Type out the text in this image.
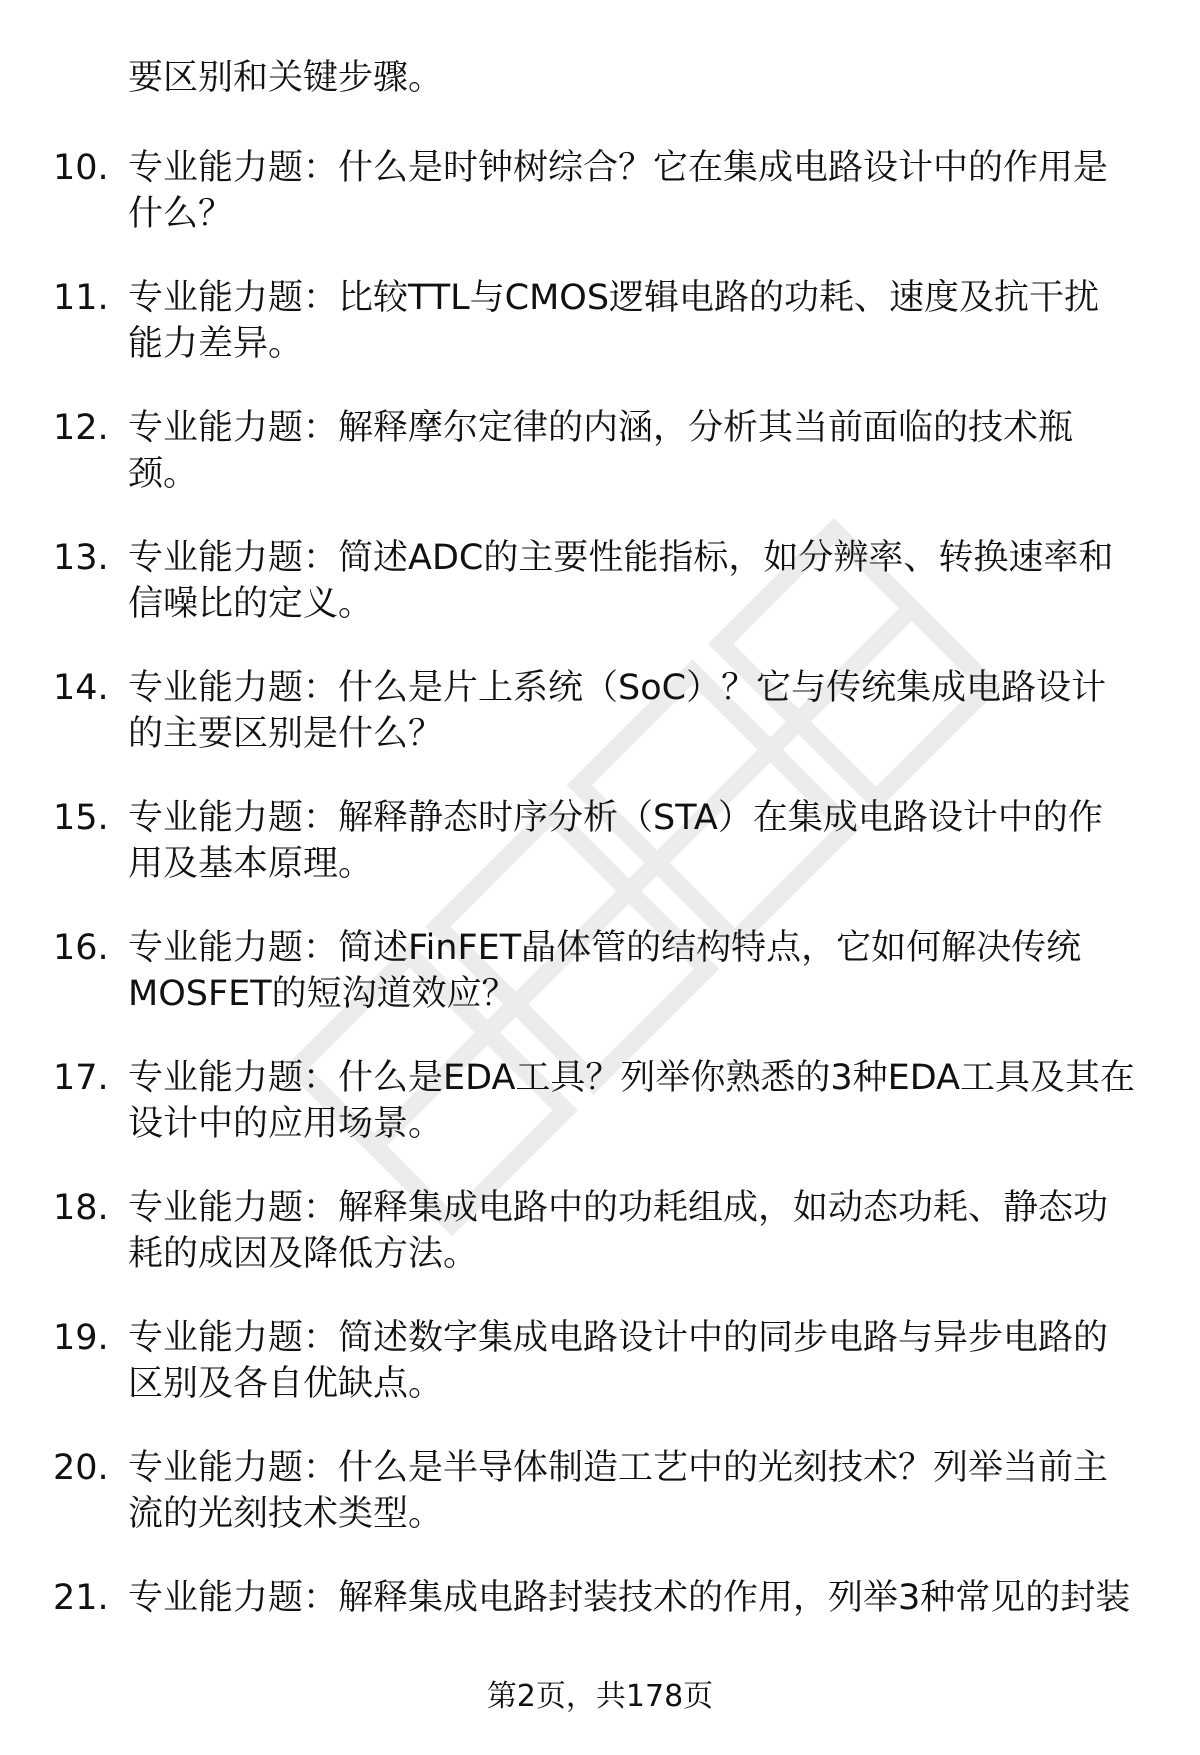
要区别和关键步骤。
10. 专业能力题：什么是时钟树综合？它在集成电路设计中的作用是
什么？
11. 专业能力题：比较TTL与CMOS逻辑电路的功耗、速度及抗干扰
能力差异。
12. 专业能力题：解释摩尔定律的内涵，分析其当前面临的技术瓶
颈。
13. 专业能力题：简述ADC的主要性能指标，如分辨率、转换速率和
信噪比的定义。
14. 专业能力题：什么是片上系统（SoC）？它与传统集成电路设计
的主要区别是什么？
15. 专业能力题：解释静态时序分析（STA）在集成电路设计中的作
用及基本原理。
16. 专业能力题：简述FinFET晶体管的结构特点，它如何解决传统
MOSFET的短沟道效应？
17. 专业能力题：什么是EDA工具？列举你熟悉的3种EDA工具及其在
设计中的应用场景。
18. 专业能力题：解释集成电路中的功耗组成，如动态功耗、静态功
耗的成因及降低方法。
19. 专业能力题：简述数字集成电路设计中的同步电路与异步电路的
区别及各自优缺点。
20. 专业能力题：什么是半导体制造工艺中的光刻技术？列举当前主
流的光刻技术类型。
21. 专业能力题：解释集成电路封装技术的作用，列举3种常见的封装
第2页，共178页
